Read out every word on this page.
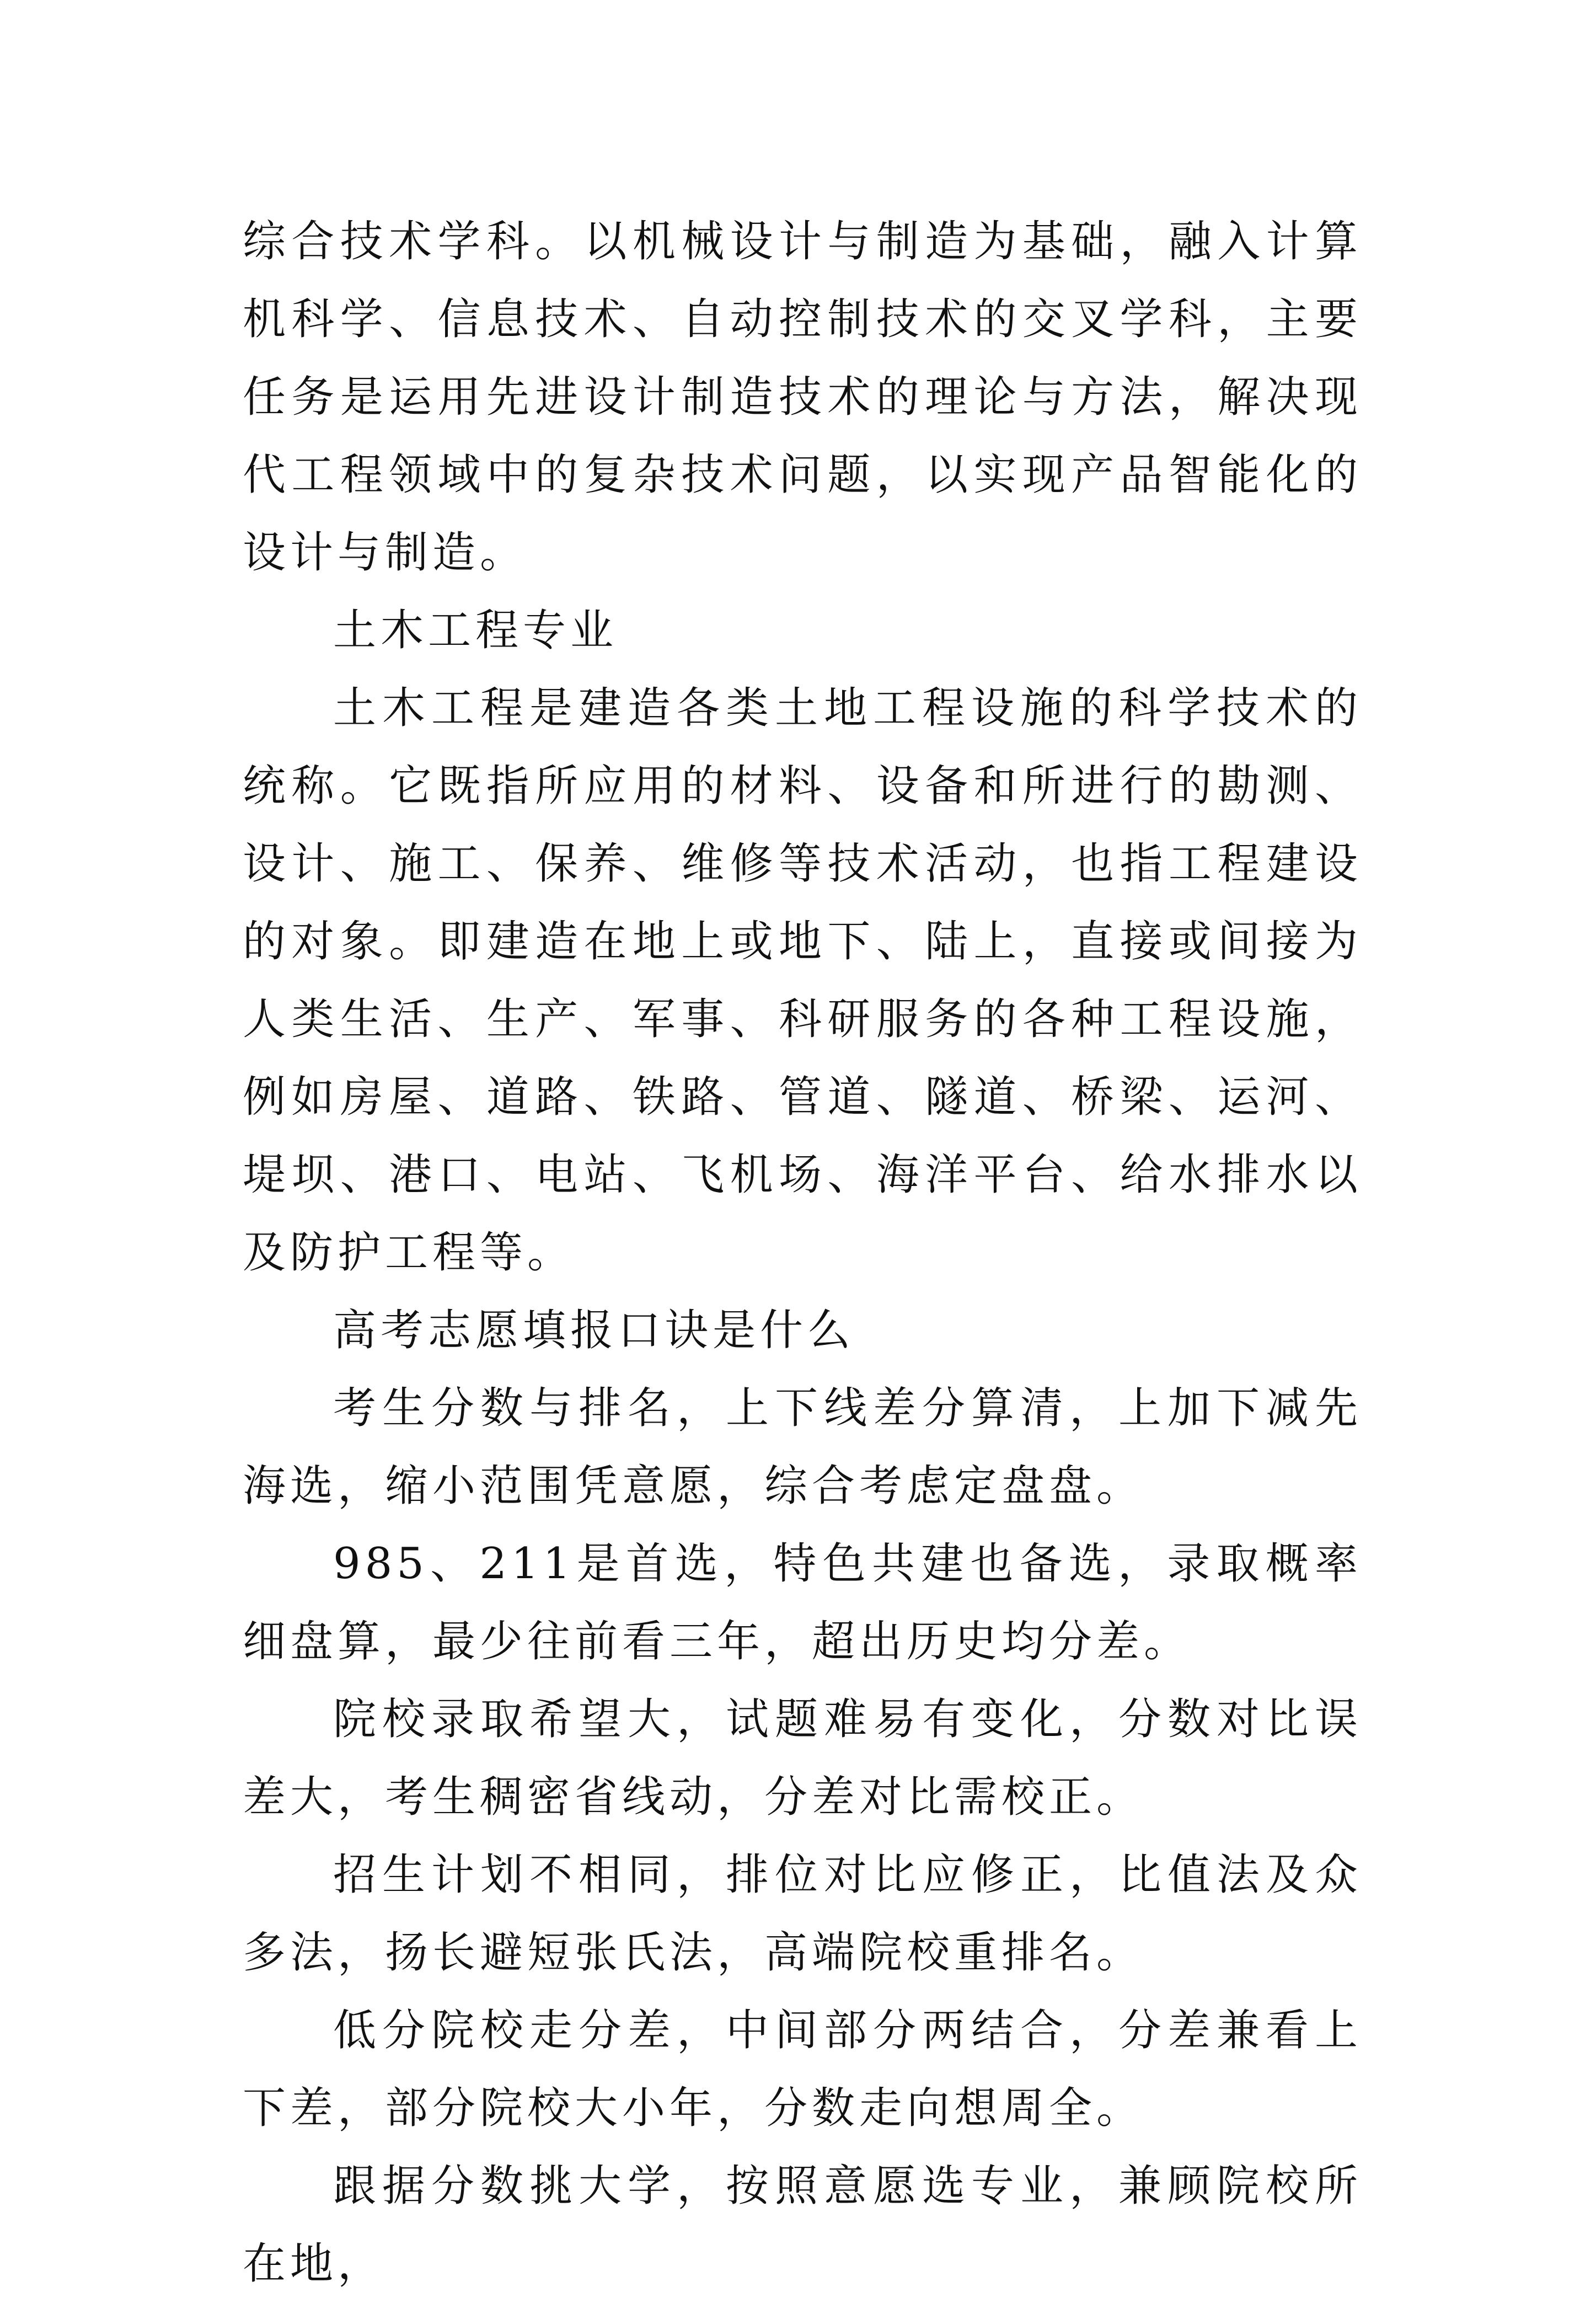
综合技术学科。以机械设计与制造为基础，融入计算机科学、信息技术、自动控制技术的交叉学科，主要任务是运用先进设计制造技术的理论与方法，解决现代工程领域中的复杂技术问题，以实现产品智能化的设计与制造。

土木工程专业

土木工程是建造各类土地工程设施的科学技术的统称。它既指所应用的材料、设备和所进行的勘测、设计、施工、保养、维修等技术活动，也指工程建设的对象。即建造在地上或地下、陆上，直接或间接为人类生活、生产、军事、科研服务的各种工程设施，例如房屋、道路、铁路、管道、隧道、桥梁、运河、堤坝、港口、电站、飞机场、海洋平台、给水排水以及防护工程等。

高考志愿填报口诀是什么

考生分数与排名，上下线差分算清，上加下减先海选，缩小范围凭意愿，综合考虑定盘盘。

985、211是首选，特色共建也备选，录取概率细盘算，最少往前看三年，超出历史均分差。

院校录取希望大，试题难易有变化，分数对比误差大，考生稠密省线动，分差对比需校正。

招生计划不相同，排位对比应修正，比值法及众多法，扬长避短张氏法，高端院校重排名。

低分院校走分差，中间部分两结合，分差兼看上下差，部分院校大小年，分数走向想周全。

跟据分数挑大学，按照意愿选专业，兼顾院校所在地，
